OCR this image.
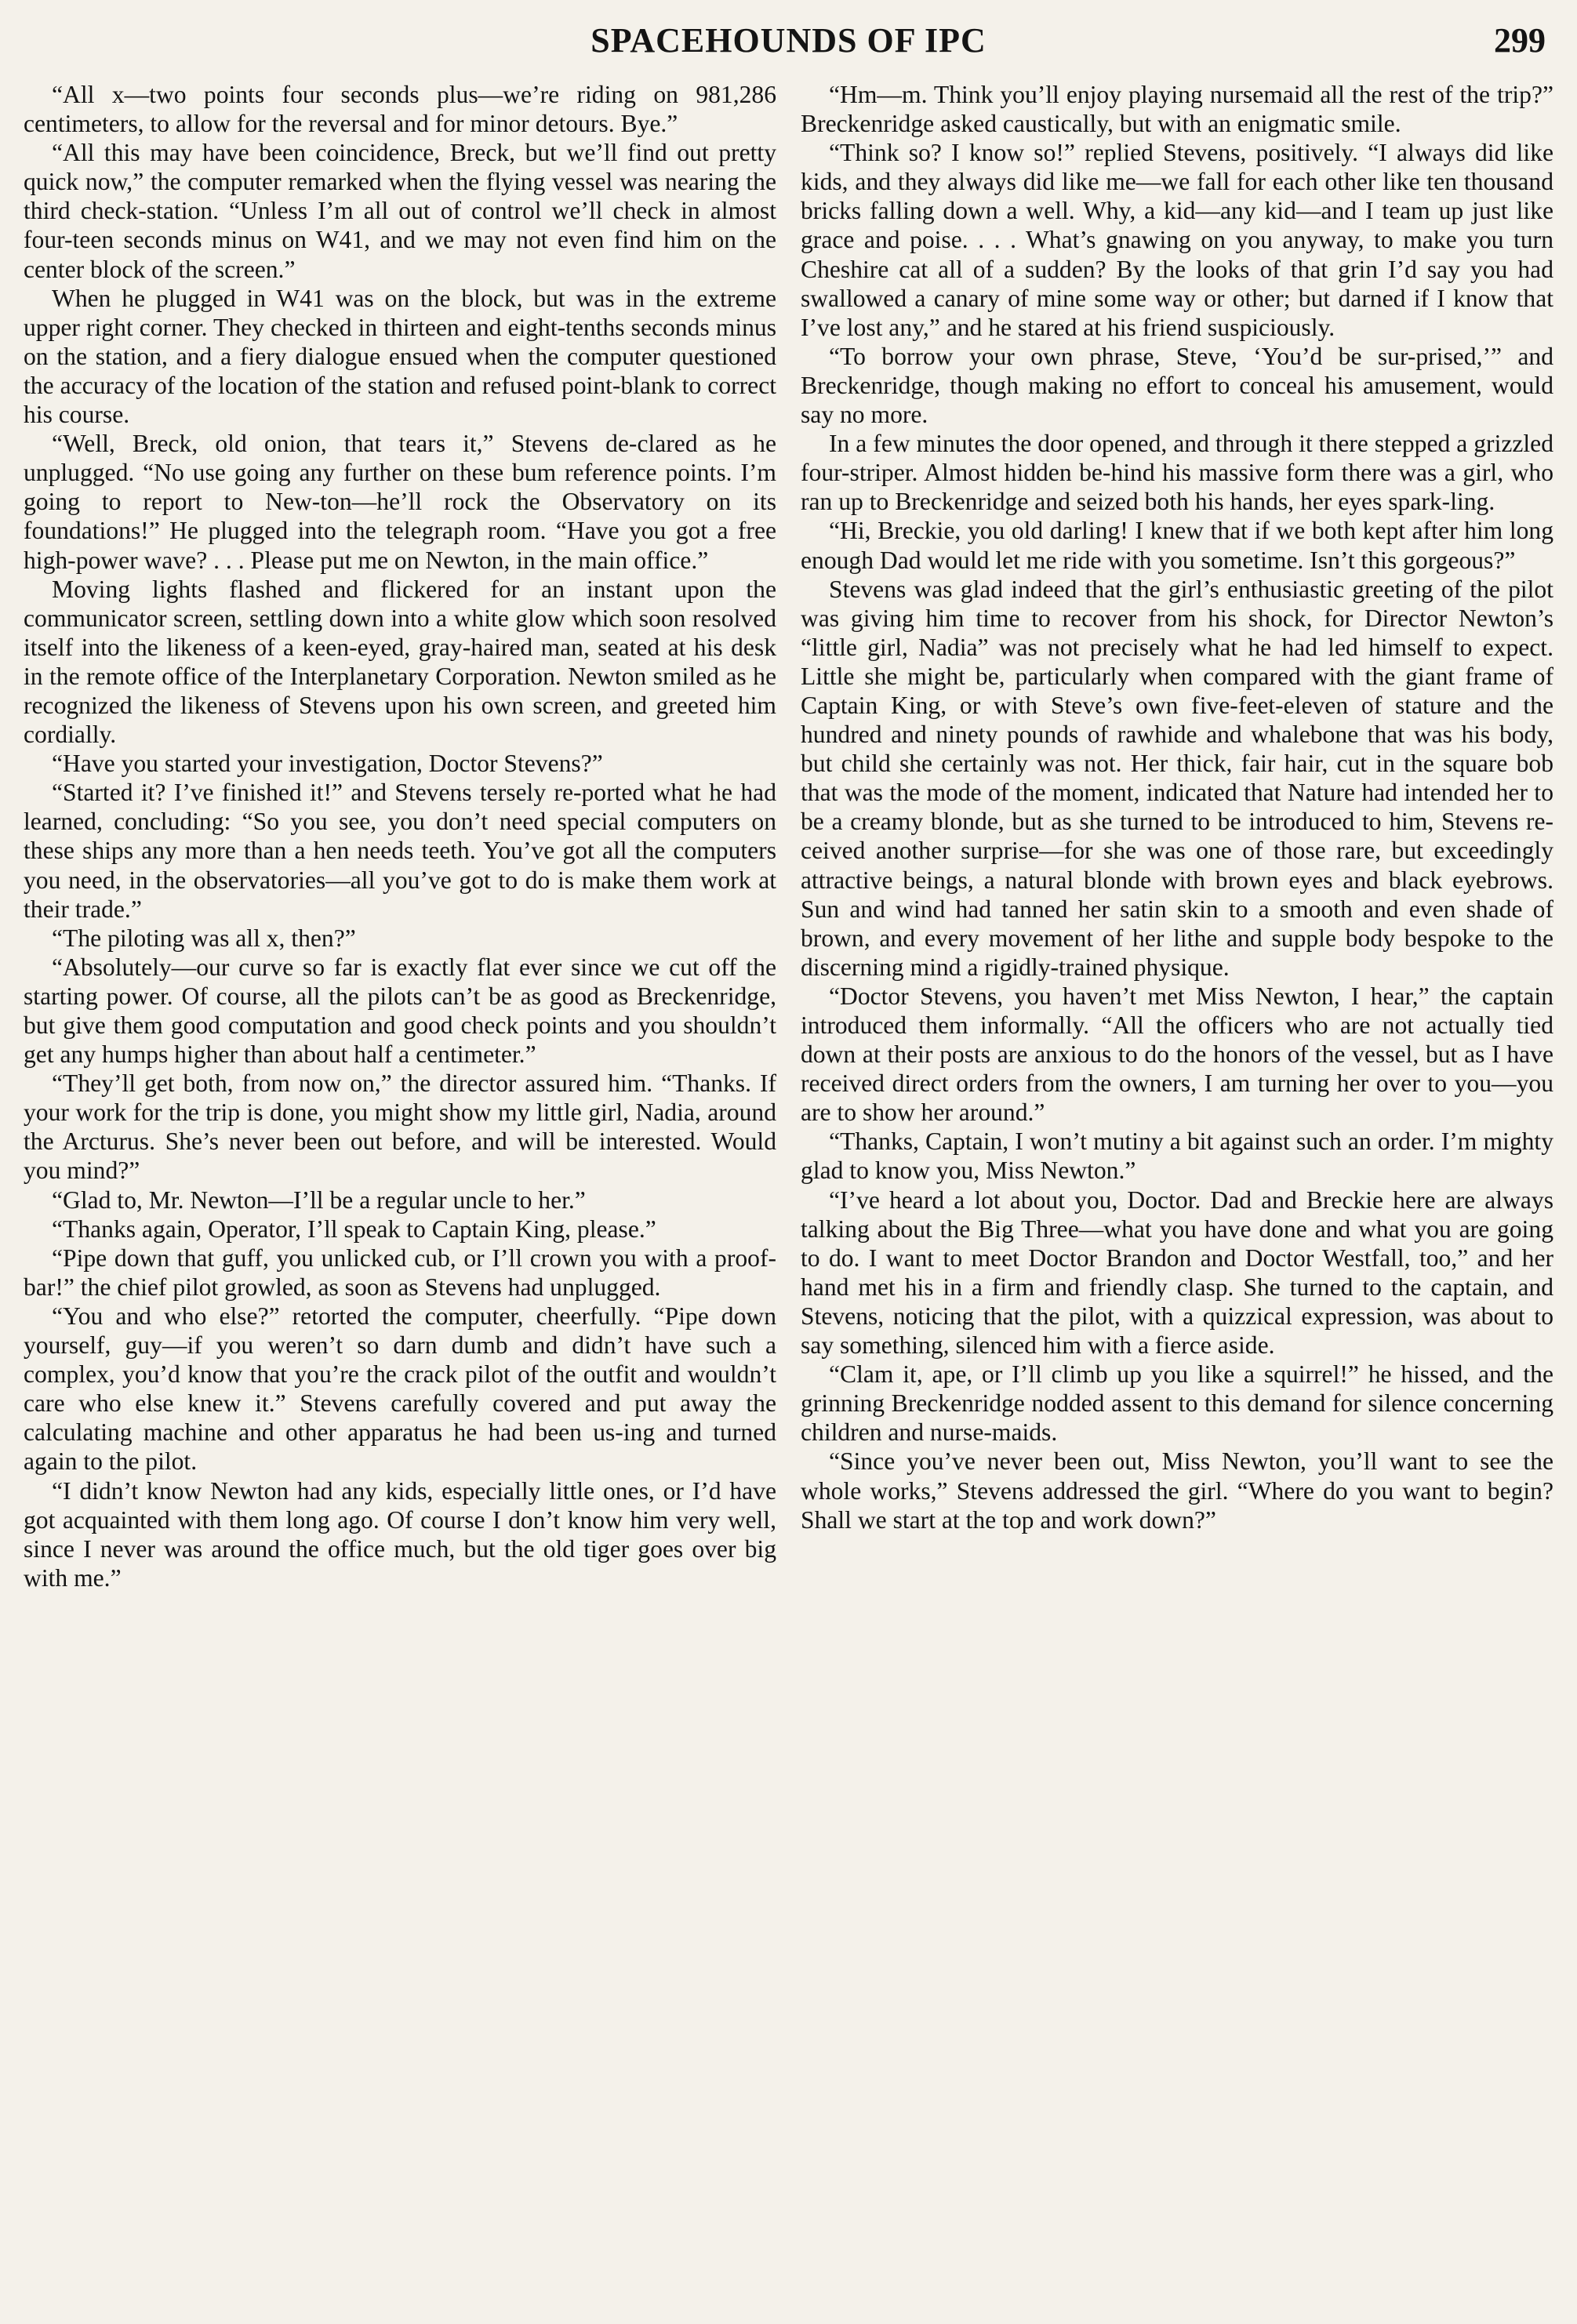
SPACEHOUNDS OF IPC	299

“All x—two points four seconds plus—we’re riding on 981,286 centimeters, to allow for the reversal and for minor detours. Bye.”

“All this may have been coincidence, Breck, but we’ll find out pretty quick now,” the computer remarked when the flying vessel was nearing the third check-station. “Unless I’m all out of control we’ll check in almost four-teen seconds minus on W41, and we may not even find him on the center block of the screen.”

When he plugged in W41 was on the block, but was in the extreme upper right corner. They checked in thirteen and eight-tenths seconds minus on the station, and a fiery dialogue ensued when the computer questioned the accuracy of the location of the station and refused point-blank to correct his course.

“Well, Breck, old onion, that tears it,” Stevens de-clared as he unplugged. “No use going any further on these bum reference points. I’m going to report to New-ton—he’ll rock the Observatory on its foundations!” He plugged into the telegraph room. “Have you got a free high-power wave? . . . Please put me on Newton, in the main office.”

Moving lights flashed and flickered for an instant upon the communicator screen, settling down into a white glow which soon resolved itself into the likeness of a keen-eyed, gray-haired man, seated at his desk in the remote office of the Interplanetary Corporation. Newton smiled as he recognized the likeness of Stevens upon his own screen, and greeted him cordially.

“Have you started your investigation, Doctor Stevens?”

“Started it? I’ve finished it!” and Stevens tersely re-ported what he had learned, concluding: “So you see, you don’t need special computers on these ships any more than a hen needs teeth. You’ve got all the computers you need, in the observatories—all you’ve got to do is make them work at their trade.”

“The piloting was all x, then?”

“Absolutely—our curve so far is exactly flat ever since we cut off the starting power. Of course, all the pilots can’t be as good as Breckenridge, but give them good computation and good check points and you shouldn’t get any humps higher than about half a centimeter.”

“They’ll get both, from now on,” the director assured him. “Thanks. If your work for the trip is done, you might show my little girl, Nadia, around the Arcturus. She’s never been out before, and will be interested. Would you mind?”

“Glad to, Mr. Newton—I’ll be a regular uncle to her.”

“Thanks again, Operator, I’ll speak to Captain King, please.”

“Pipe down that guff, you unlicked cub, or I’ll crown you with a proof-bar!” the chief pilot growled, as soon as Stevens had unplugged.

“You and who else?” retorted the computer, cheerfully. “Pipe down yourself, guy—if you weren’t so darn dumb and didn’t have such a complex, you’d know that you’re the crack pilot of the outfit and wouldn’t care who else knew it.” Stevens carefully covered and put away the calculating machine and other apparatus he had been us-ing and turned again to the pilot.

“I didn’t know Newton had any kids, especially little ones, or I’d have got acquainted with them long ago. Of course I don’t know him very well, since I never was around the office much, but the old tiger goes over big with me.”

“Hm—m. Think you’ll enjoy playing nursemaid all the rest of the trip?” Breckenridge asked caustically, but with an enigmatic smile.

“Think so? I know so!” replied Stevens, positively. “I always did like kids, and they always did like me—we fall for each other like ten thousand bricks falling down a well. Why, a kid—any kid—and I team up just like grace and poise. . . . What’s gnawing on you anyway, to make you turn Cheshire cat all of a sudden? By the looks of that grin I’d say you had swallowed a canary of mine some way or other; but darned if I know that I’ve lost any,” and he stared at his friend suspiciously.

“To borrow your own phrase, Steve, ‘You’d be sur-prised,’” and Breckenridge, though making no effort to conceal his amusement, would say no more.

In a few minutes the door opened, and through it there stepped a grizzled four-striper. Almost hidden be-hind his massive form there was a girl, who ran up to Breckenridge and seized both his hands, her eyes spark-ling.

“Hi, Breckie, you old darling! I knew that if we both kept after him long enough Dad would let me ride with you sometime. Isn’t this gorgeous?”

Stevens was glad indeed that the girl’s enthusiastic greeting of the pilot was giving him time to recover from his shock, for Director Newton’s “little girl, Nadia” was not precisely what he had led himself to expect. Little she might be, particularly when compared with the giant frame of Captain King, or with Steve’s own five-feet-eleven of stature and the hundred and ninety pounds of rawhide and whalebone that was his body, but child she certainly was not. Her thick, fair hair, cut in the square bob that was the mode of the moment, indicated that Nature had intended her to be a creamy blonde, but as she turned to be introduced to him, Stevens re-ceived another surprise—for she was one of those rare, but exceedingly attractive beings, a natural blonde with brown eyes and black eyebrows. Sun and wind had tanned her satin skin to a smooth and even shade of brown, and every movement of her lithe and supple body bespoke to the discerning mind a rigidly-trained physique.

“Doctor Stevens, you haven’t met Miss Newton, I hear,” the captain introduced them informally. “All the officers who are not actually tied down at their posts are anxious to do the honors of the vessel, but as I have received direct orders from the owners, I am turning her over to you—you are to show her around.”

“Thanks, Captain, I won’t mutiny a bit against such an order. I’m mighty glad to know you, Miss Newton.”

“I’ve heard a lot about you, Doctor. Dad and Breckie here are always talking about the Big Three—what you have done and what you are going to do. I want to meet Doctor Brandon and Doctor Westfall, too,” and her hand met his in a firm and friendly clasp. She turned to the captain, and Stevens, noticing that the pilot, with a quizzical expression, was about to say something, silenced him with a fierce aside.

“Clam it, ape, or I’ll climb up you like a squirrel!” he hissed, and the grinning Breckenridge nodded assent to this demand for silence concerning children and nurse-maids.

“Since you’ve never been out, Miss Newton, you’ll want to see the whole works,” Stevens addressed the girl. “Where do you want to begin? Shall we start at the top and work down?”
